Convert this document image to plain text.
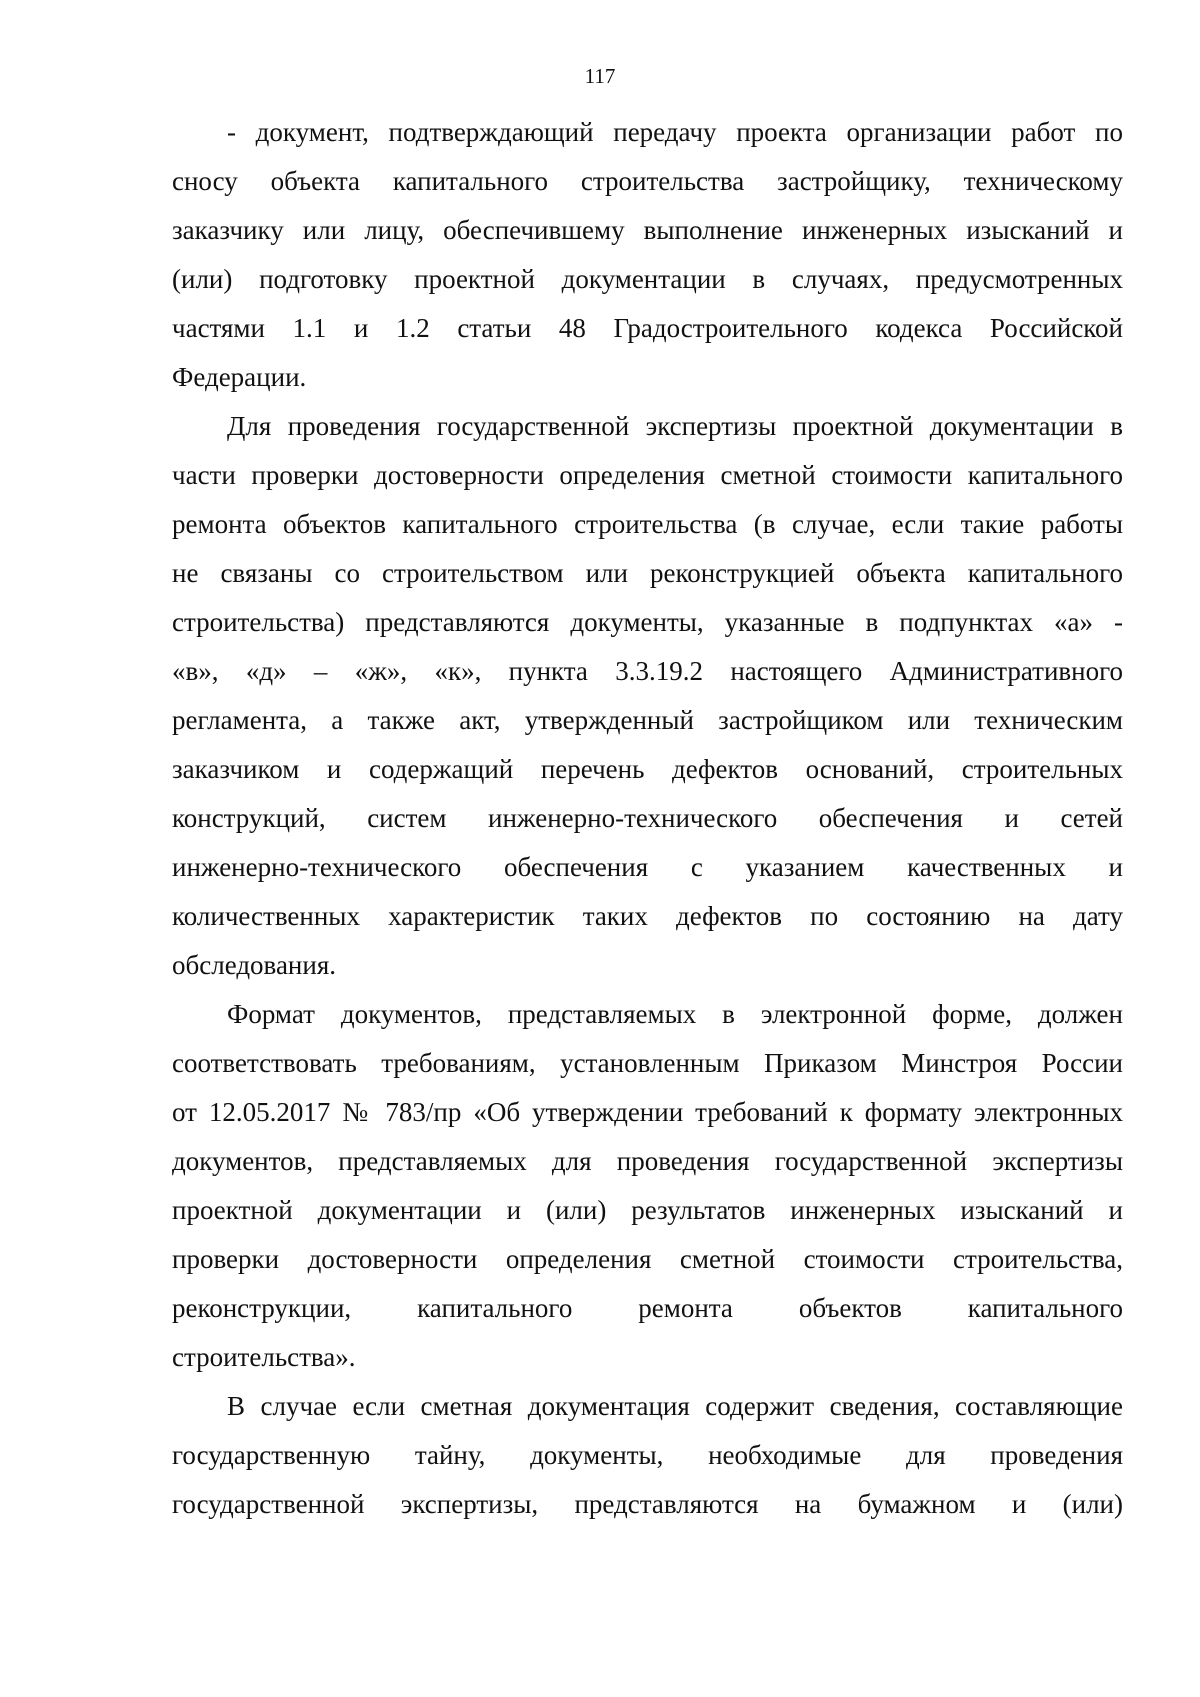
117

- документ, подтверждающий передачу проекта организации работ по
сносу объекта капитального строительства застройщику, техническому
заказчику или лицу, обеспечившему выполнение инженерных изысканий и
(или) подготовку проектной документации в случаях, предусмотренных
частями 1.1 и 1.2 статьи 48 Градостроительного кодекса Российской
Федерации.

Для проведения государственной экспертизы проектной документации в
части проверки достоверности определения сметной стоимости капитального
ремонта объектов капитального строительства (в случае, если такие работы
не связаны со строительством или реконструкцией объекта капитального
строительства) представляются документы, указанные в подпунктах «а» -
«в», «д» – «ж», «к», пункта 3.3.19.2 настоящего Административного
регламента, а также акт, утвержденный застройщиком или техническим
заказчиком и содержащий перечень дефектов оснований, строительных
конструкций, систем инженерно-технического обеспечения и сетей
инженерно-технического обеспечения с указанием качественных и
количественных характеристик таких дефектов по состоянию на дату
обследования.

Формат документов, представляемых в электронной форме, должен
соответствовать требованиям, установленным Приказом Минстроя России
от 12.05.2017 № 783/пр «Об утверждении требований к формату электронных
документов, представляемых для проведения государственной экспертизы
проектной документации и (или) результатов инженерных изысканий и
проверки достоверности определения сметной стоимости строительства,
реконструкции, капитального ремонта объектов капитального
строительства».

В случае если сметная документация содержит сведения, составляющие
государственную тайну, документы, необходимые для проведения
государственной экспертизы, представляются на бумажном и (или)
